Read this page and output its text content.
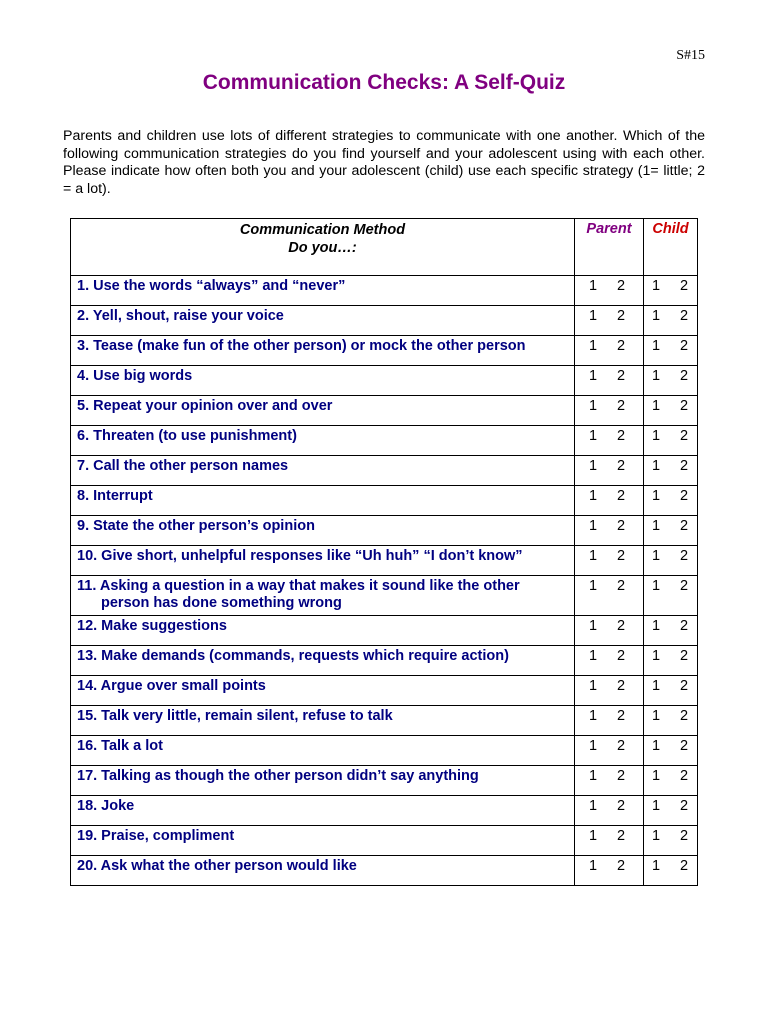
S#15
Communication Checks: A Self-Quiz
Parents and children use lots of different strategies to communicate with one another. Which of the following communication strategies do you find yourself and your adolescent using with each other. Please indicate how often both you and your adolescent (child) use each specific strategy (1= little; 2 = a lot).
Communication Method
Do you…:	Parent	Child
1. Use the words “always” and “never”	1 2	1 2
2. Yell, shout, raise your voice	1 2	1 2
3. Tease (make fun of the other person) or mock the other person	1 2	1 2
4. Use big words	1 2	1 2
5. Repeat your opinion over and over	1 2	1 2
6. Threaten (to use punishment)	1 2	1 2
7. Call the other person names	1 2	1 2
8. Interrupt	1 2	1 2
9. State the other person’s opinion	1 2	1 2
10. Give short, unhelpful responses like “Uh huh” “I don’t know”	1 2	1 2
11. Asking a question in a way that makes it sound like the other
person has done something wrong	1 2	1 2
12. Make suggestions	1 2	1 2
13. Make demands (commands, requests which require action)	1 2	1 2
14. Argue over small points	1 2	1 2
15. Talk very little, remain silent, refuse to talk	1 2	1 2
16. Talk a lot	1 2	1 2
17. Talking as though the other person didn’t say anything	1 2	1 2
18. Joke	1 2	1 2
19. Praise, compliment	1 2	1 2
20. Ask what the other person would like	1 2	1 2
